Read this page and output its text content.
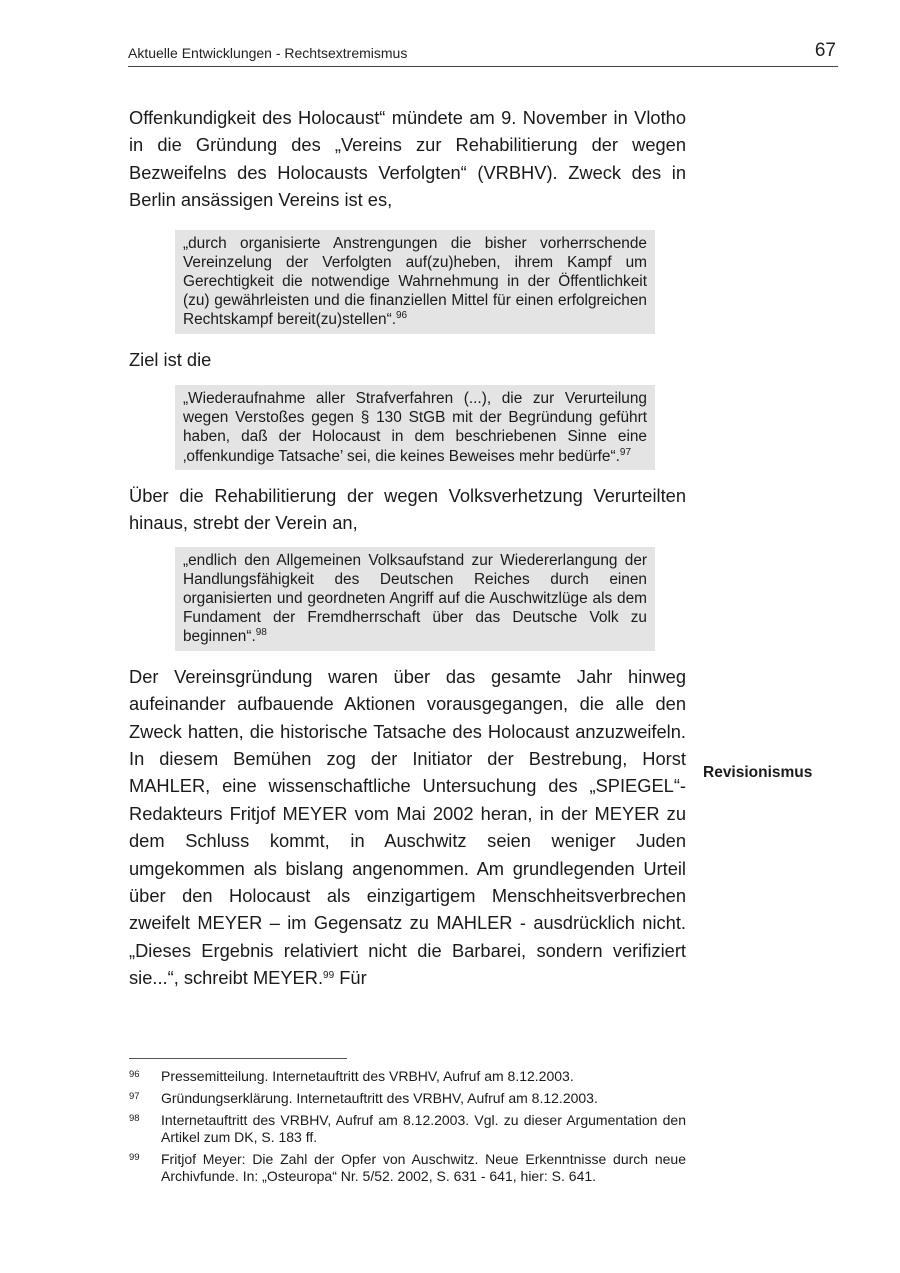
Aktuelle Entwicklungen - Rechtsextremismus	67

Offenkundigkeit des Holocaust“ mündete am 9. November in Vlotho in die Gründung des „Vereins zur Rehabilitierung der wegen Bezweifelns des Holocausts Verfolgten“ (VRBHV). Zweck des in Berlin ansässigen Vereins ist es,

„durch organisierte Anstrengungen die bisher vorherrschende Vereinzelung der Verfolgten auf(zu)heben, ihrem Kampf um Gerechtigkeit die notwendige Wahrnehmung in der Öffentlichkeit (zu) gewährleisten und die finanziellen Mittel für einen erfolgreichen Rechtskampf bereit(zu)stellen“.$^{96}$

Ziel ist die

„Wiederaufnahme aller Strafverfahren (...), die zur Verurteilung wegen Verstoßes gegen § 130 StGB mit der Begründung geführt haben, daß der Holocaust in dem beschriebenen Sinne eine ‚offenkundige Tatsache’ sei, die keines Beweises mehr bedürfe“.$^{97}$

Über die Rehabilitierung der wegen Volksverhetzung Verurteilten hinaus, strebt der Verein an,

„endlich den Allgemeinen Volksaufstand zur Wiedererlangung der Handlungsfähigkeit des Deutschen Reiches durch einen organisierten und geordneten Angriff auf die Auschwitzlüge als dem Fundament der Fremdherrschaft über das Deutsche Volk zu beginnen“.$^{98}$

Der Vereinsgründung waren über das gesamte Jahr hinweg aufeinander aufbauende Aktionen vorausgegangen, die alle den Zweck hatten, die historische Tatsache des Holocaust anzuzweifeln. In diesem Bemühen zog der Initiator der Bestrebung, Horst MAHLER, eine wissenschaftliche Untersuchung des „SPIEGEL“-Redakteurs Fritjof MEYER vom Mai 2002 heran, in der MEYER zu dem Schluss kommt, in Auschwitz seien weniger Juden umgekommen als bislang angenommen. Am grundlegenden Urteil über den Holocaust als einzigartigem Menschheitsverbrechen zweifelt MEYER – im Gegensatz zu MAHLER - ausdrücklich nicht. „Dieses Ergebnis relativiert nicht die Barbarei, sondern verifiziert sie...“, schreibt MEYER.$^{99}$ Für

Revisionismus
96 Pressemitteilung. Internetauftritt des VRBHV, Aufruf am 8.12.2003.
97 Gründungserklärung. Internetauftritt des VRBHV, Aufruf am 8.12.2003.
98 Internetauftritt des VRBHV, Aufruf am 8.12.2003. Vgl. zu dieser Argumentation den Artikel zum DK, S. 183 ff.
99 Fritjof Meyer: Die Zahl der Opfer von Auschwitz. Neue Erkenntnisse durch neue Archivfunde. In: „Osteuropa“ Nr. 5/52. 2002, S. 631 - 641, hier: S. 641.
